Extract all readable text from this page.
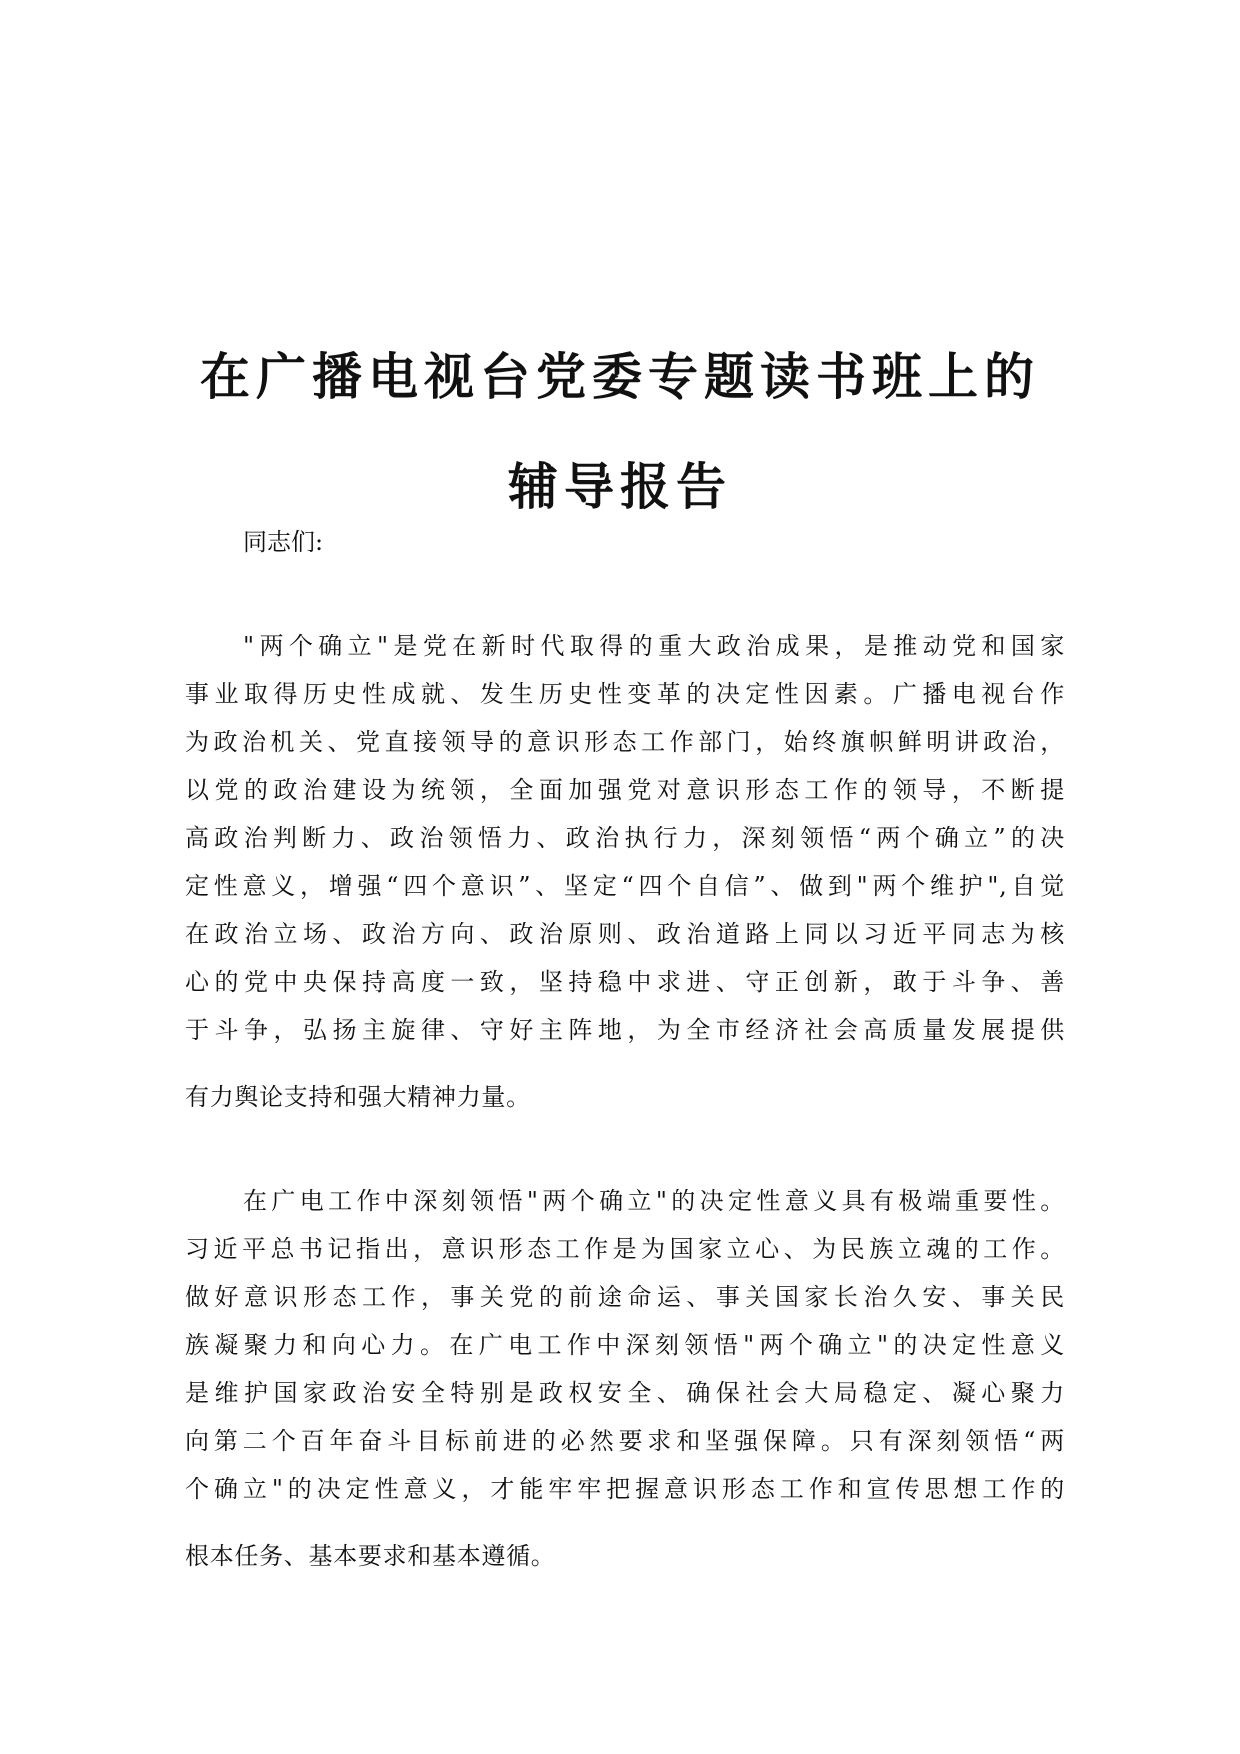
在广播电视台党委专题读书班上的
辅导报告

同志们:

"两个确立"是党在新时代取得的重大政治成果，是推动党和国家
事业取得历史性成就、发生历史性变革的决定性因素。广播电视台作
为政治机关、党直接领导的意识形态工作部门，始终旗帜鲜明讲政治，
以党的政治建设为统领，全面加强党对意识形态工作的领导，不断提
高政治判断力、政治领悟力、政治执行力，深刻领悟“两个确立”的决
定性意义，增强“四个意识”、坚定“四个自信”、做到"两个维护",自觉
在政治立场、政治方向、政治原则、政治道路上同以习近平同志为核
心的党中央保持高度一致，坚持稳中求进、守正创新，敢于斗争、善
于斗争，弘扬主旋律、守好主阵地，为全市经济社会高质量发展提供
有力舆论支持和强大精神力量。
在广电工作中深刻领悟"两个确立"的决定性意义具有极端重要性。
习近平总书记指出，意识形态工作是为国家立心、为民族立魂的工作。
做好意识形态工作，事关党的前途命运、事关国家长治久安、事关民
族凝聚力和向心力。在广电工作中深刻领悟"两个确立"的决定性意义
是维护国家政治安全特别是政权安全、确保社会大局稳定、凝心聚力
向第二个百年奋斗目标前进的必然要求和坚强保障。只有深刻领悟“两
个确立"的决定性意义，才能牢牢把握意识形态工作和宣传思想工作的
根本任务、基本要求和基本遵循。
